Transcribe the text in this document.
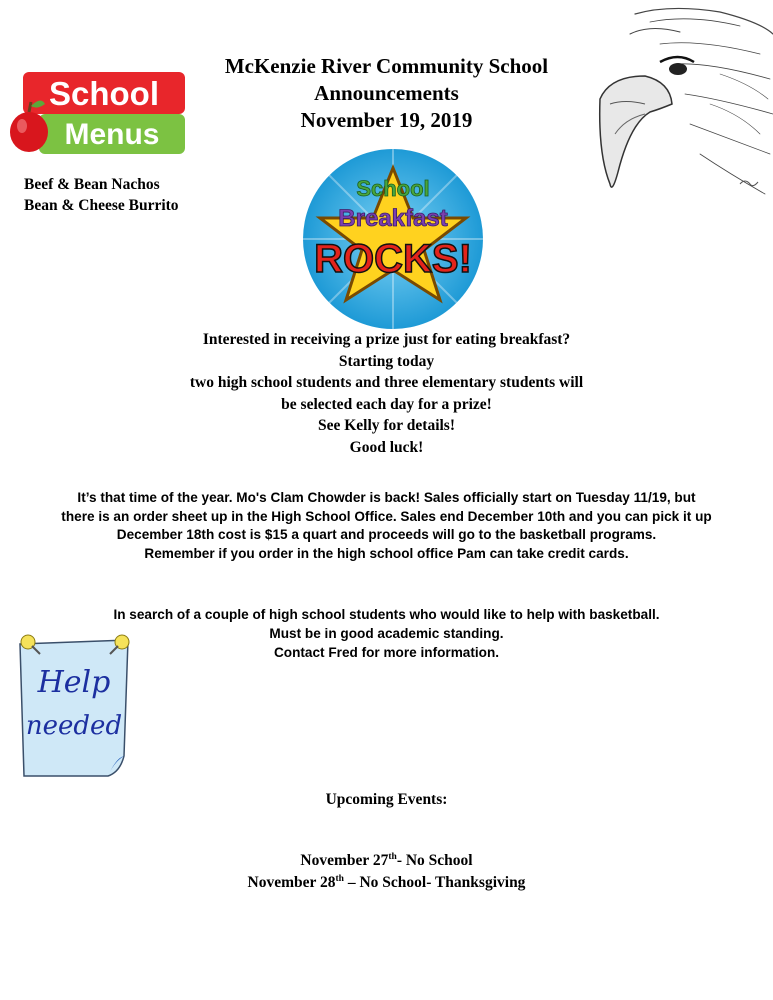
School
Menus
McKenzie River Community School
Announcements
November 19, 2019
Beef & Bean Nachos
Bean & Cheese Burrito
School
Breakfast
ROCKS!
Interested in receiving a prize just for eating breakfast?
Starting today
two high school students and three elementary students will
be selected each day for a prize!
See Kelly for details!
Good luck!
It’s that time of the year. Mo's Clam Chowder is back! Sales officially start on Tuesday 11/19, but
there is an order sheet up in the High School Office. Sales end December 10th and you can pick it up
December 18th cost is $15 a quart and proceeds will go to the basketball programs.
Remember if you order in the high school office Pam can take credit cards.
In search of a couple of high school students who would like to help with basketball.
Must be in good academic standing.
Contact Fred for more information.
Help
needed
Upcoming Events:
November 27th- No School
November 28th – No School- Thanksgiving
